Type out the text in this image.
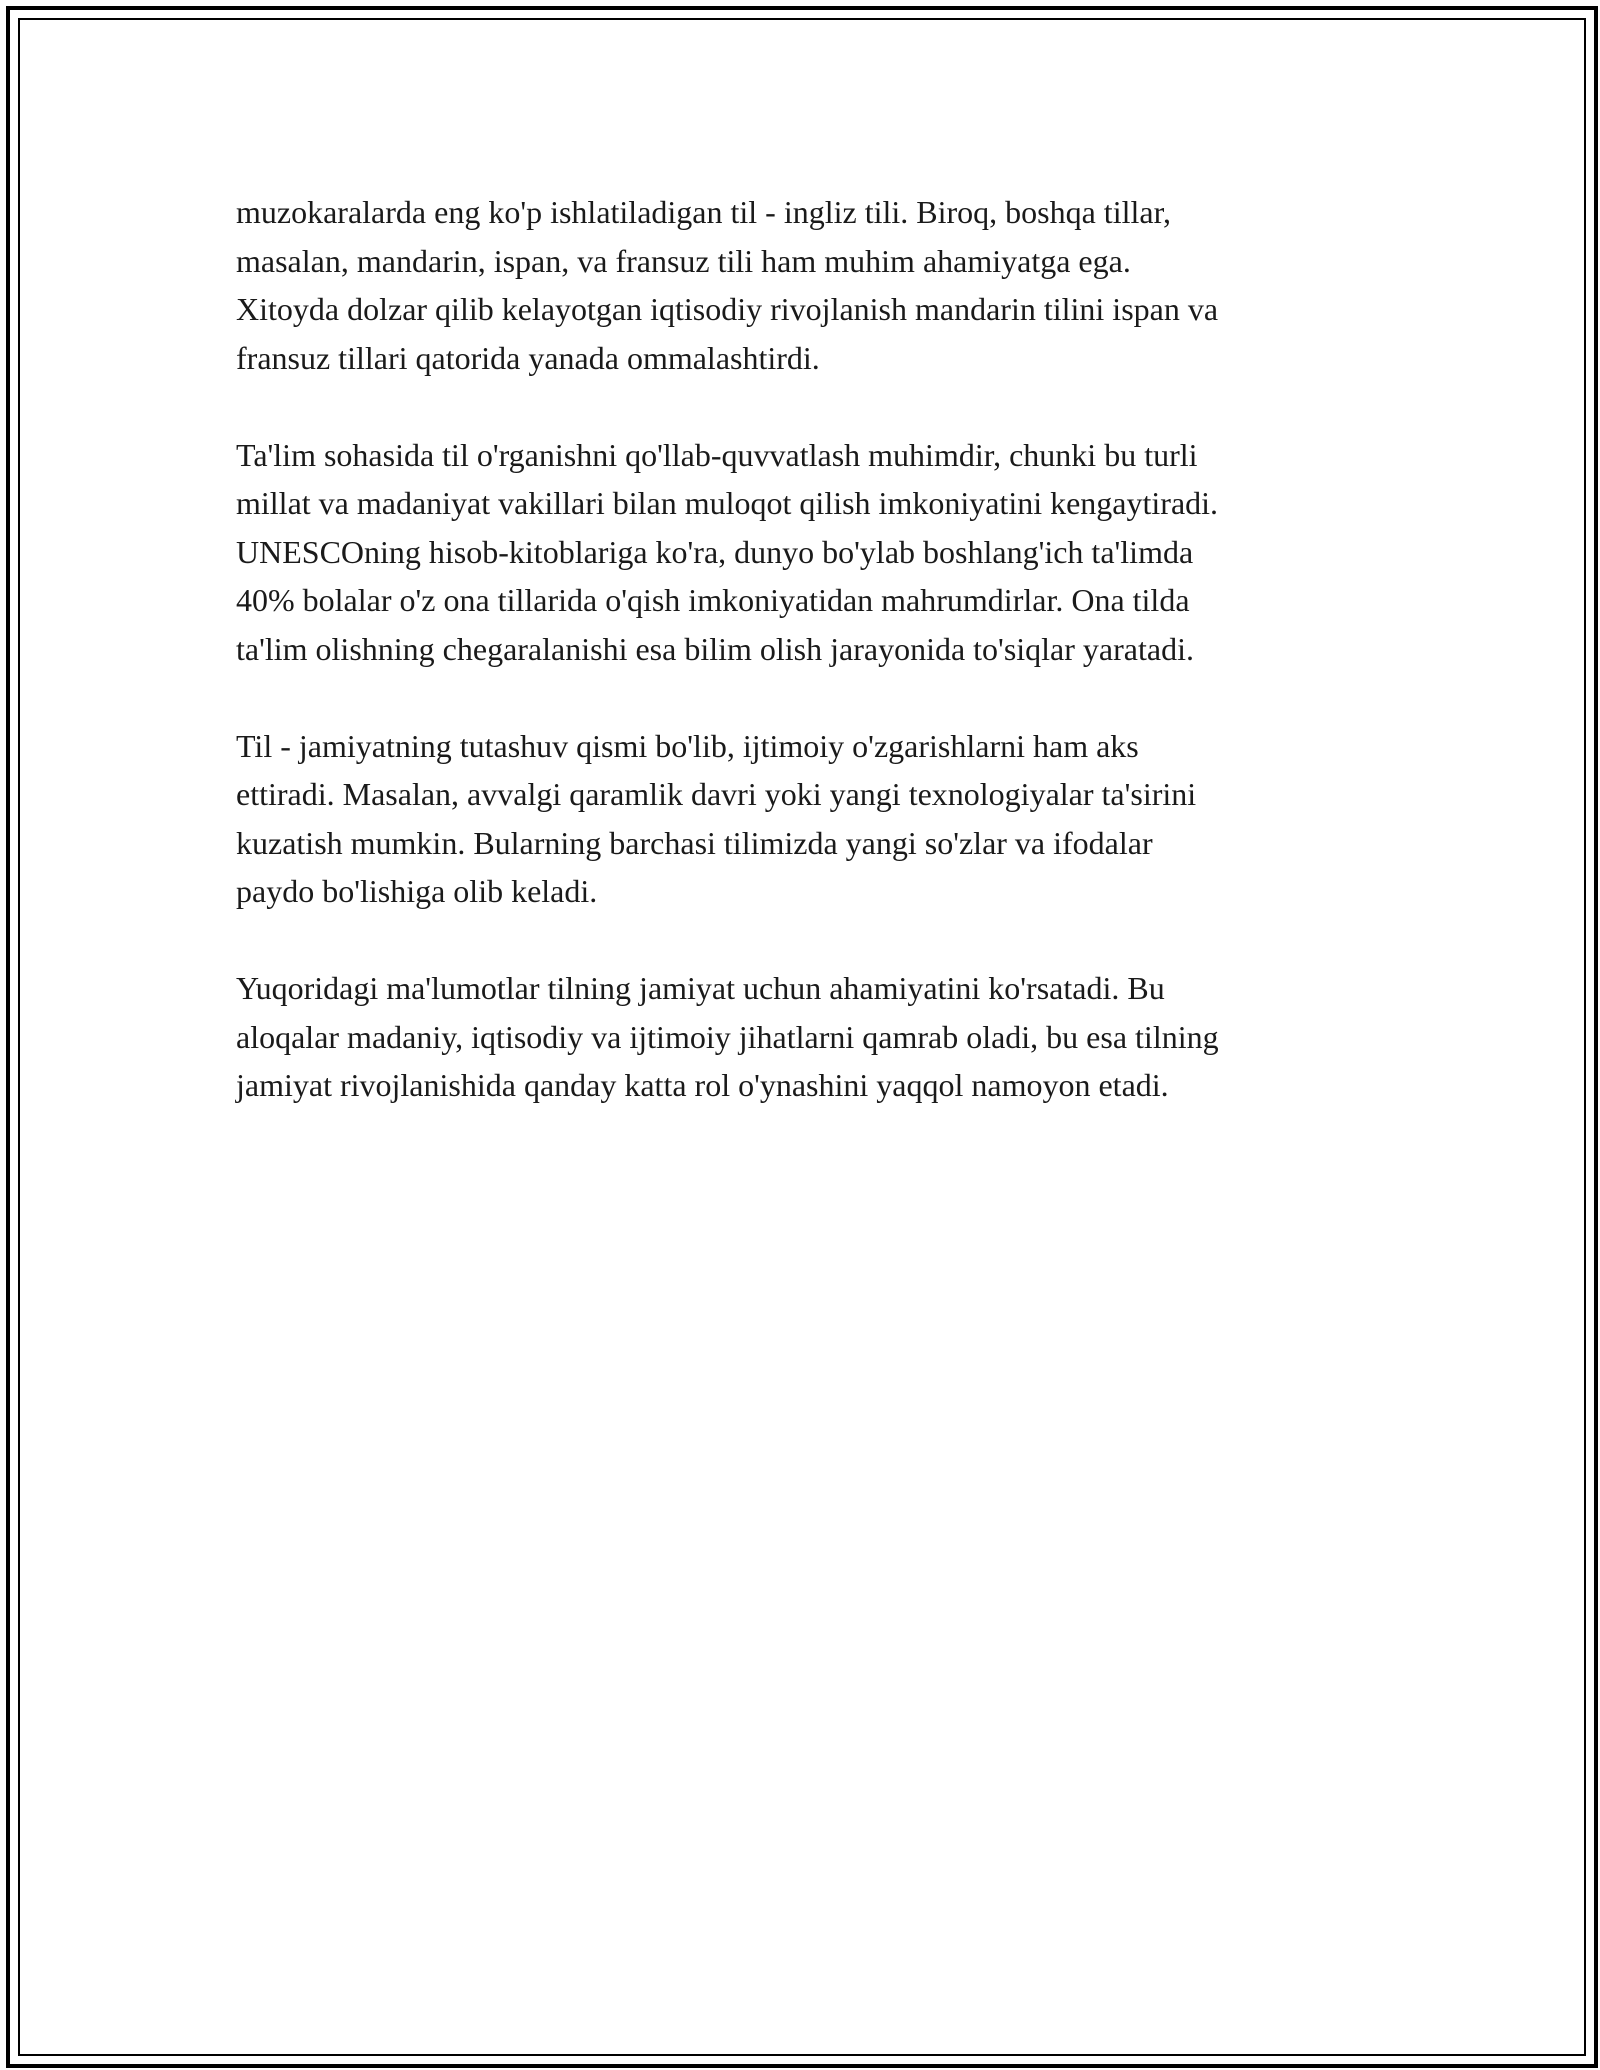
muzokaralarda eng ko'p ishlatiladigan til - ingliz tili. Biroq, boshqa tillar,
masalan, mandarin, ispan, va fransuz tili ham muhim ahamiyatga ega.
Xitoyda dolzar qilib kelayotgan iqtisodiy rivojlanish mandarin tilini ispan va
fransuz tillari qatorida yanada ommalashtirdi.

Ta'lim sohasida til o'rganishni qo'llab-quvvatlash muhimdir, chunki bu turli
millat va madaniyat vakillari bilan muloqot qilish imkoniyatini kengaytiradi.
UNESCOning hisob-kitoblariga ko'ra, dunyo bo'ylab boshlang'ich ta'limda
40% bolalar o'z ona tillarida o'qish imkoniyatidan mahrumdirlar. Ona tilda
ta'lim olishning chegaralanishi esa bilim olish jarayonida to'siqlar yaratadi.

Til - jamiyatning tutashuv qismi bo'lib, ijtimoiy o'zgarishlarni ham aks
ettiradi. Masalan, avvalgi qaramlik davri yoki yangi texnologiyalar ta'sirini
kuzatish mumkin. Bularning barchasi tilimizda yangi so'zlar va ifodalar
paydo bo'lishiga olib keladi.

Yuqoridagi ma'lumotlar tilning jamiyat uchun ahamiyatini ko'rsatadi. Bu
aloqalar madaniy, iqtisodiy va ijtimoiy jihatlarni qamrab oladi, bu esa tilning
jamiyat rivojlanishida qanday katta rol o'ynashini yaqqol namoyon etadi.
